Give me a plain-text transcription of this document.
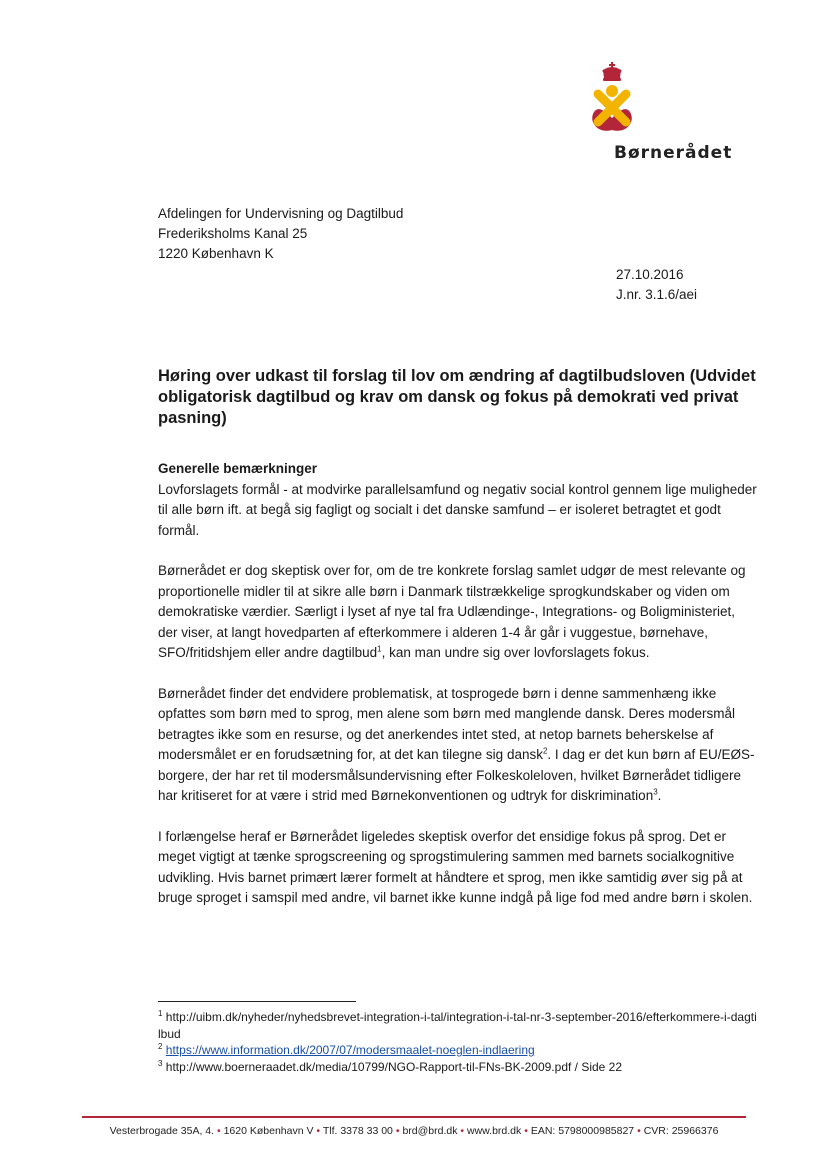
Børnerådet
Afdelingen for Undervisning og Dagtilbud
Frederiksholms Kanal 25
1220 København K
27.10.2016
J.nr. 3.1.6/aei
Høring over udkast til forslag til lov om ændring af dagtilbudsloven (Udvidet obligatorisk dagtilbud og krav om dansk og fokus på demokrati ved privat pasning)
Generelle bemærkninger

Lovforslagets formål - at modvirke parallelsamfund og negativ social kontrol gennem lige muligheder til alle børn ift. at begå sig fagligt og socialt i det danske samfund – er isoleret betragtet et godt formål.

Børnerådet er dog skeptisk over for, om de tre konkrete forslag samlet udgør de mest relevante og proportionelle midler til at sikre alle børn i Danmark tilstrækkelige sprogkundskaber og viden om demokratiske værdier. Særligt i lyset af nye tal fra Udlændinge-, Integrations- og Boligministeriet, der viser, at langt hovedparten af efterkommere i alderen 1-4 år går i vuggestue, børnehave, SFO/fritidshjem eller andre dagtilbud$^1$, kan man undre sig over lovforslagets fokus.

Børnerådet finder det endvidere problematisk, at tosprogede børn i denne sammenhæng ikke opfattes som børn med to sprog, men alene som børn med manglende dansk. Deres modersmål betragtes ikke som en resurse, og det anerkendes intet sted, at netop barnets beherskelse af modersmålet er en forudsætning for, at det kan tilegne sig dansk$^2$. I dag er det kun børn af EU/EØS-borgere, der har ret til modersmålsundervisning efter Folkeskoleloven, hvilket Børnerådet tidligere har kritiseret for at være i strid med Børnekonventionen og udtryk for diskrimination$^3$.

I forlængelse heraf er Børnerådet ligeledes skeptisk overfor det ensidige fokus på sprog. Det er meget vigtigt at tænke sprogscreening og sprogstimulering sammen med barnets socialkognitive udvikling. Hvis barnet primært lærer formelt at håndtere et sprog, men ikke samtidig øver sig på at bruge sproget i samspil med andre, vil barnet ikke kunne indgå på lige fod med andre børn i skolen.

$^1$ http://uibm.dk/nyheder/nyhedsbrevet-integration-i-tal/integration-i-tal-nr-3-september-2016/efterkommere-i-dagtilbud
$^2$ https://www.information.dk/2007/07/modersmaalet-noeglen-indlaering
$^3$ http://www.boerneraadet.dk/media/10799/NGO-Rapport-til-FNs-BK-2009.pdf / Side 22
Vesterbrogade 35A, 4. • 1620 København V • Tlf. 3378 33 00 • brd@brd.dk • www.brd.dk • EAN: 5798000985827 • CVR: 25966376
